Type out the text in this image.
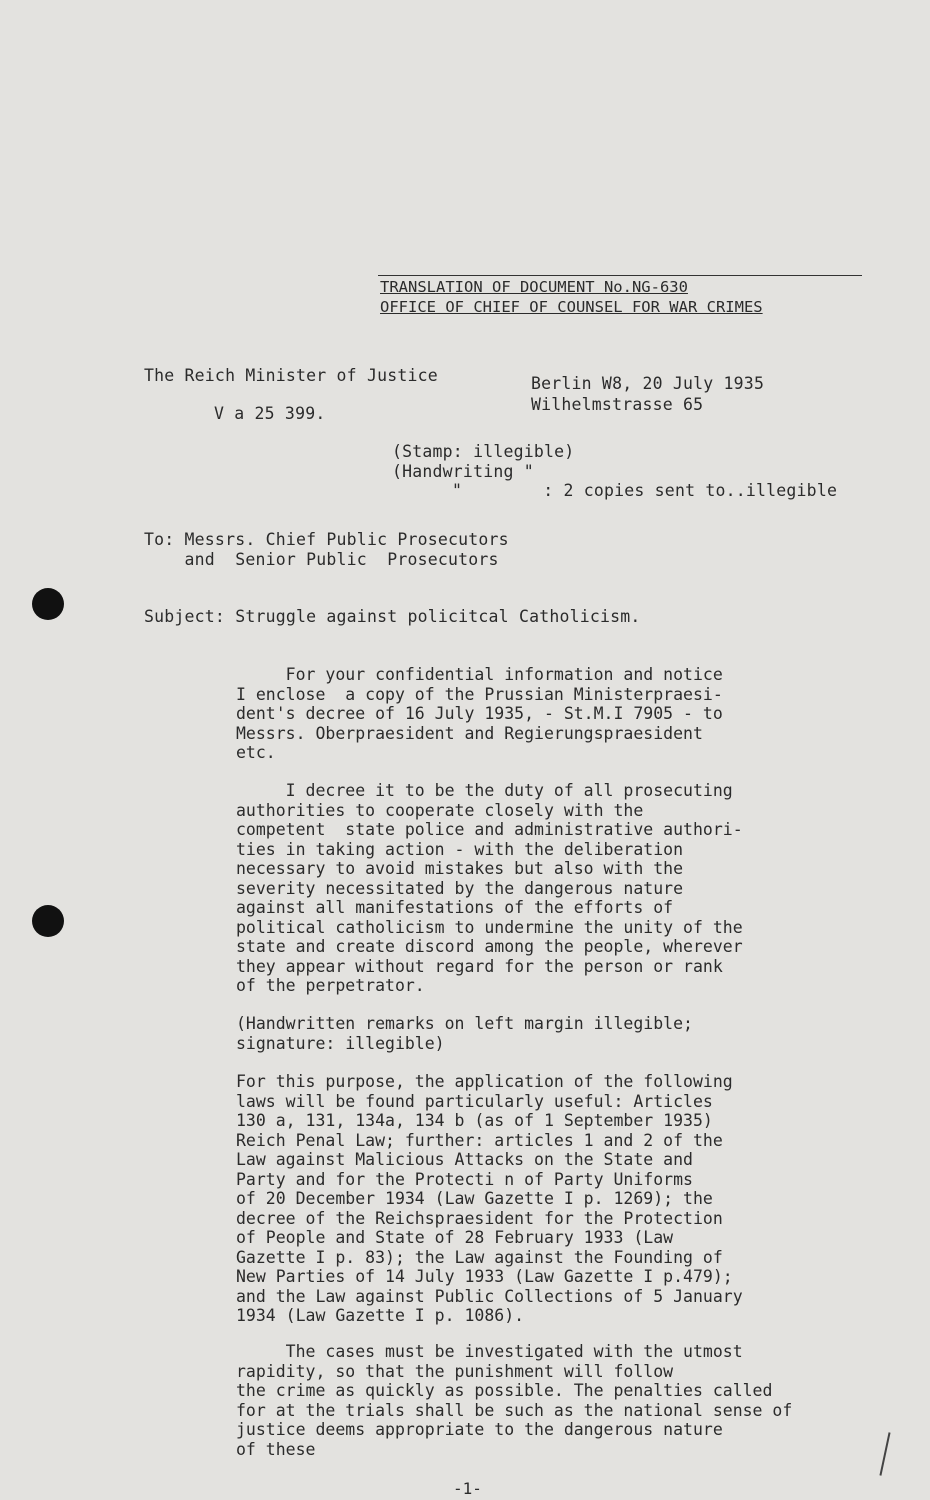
TRANSLATION OF DOCUMENT No.NG-630
OFFICE OF CHIEF OF COUNSEL FOR WAR CRIMES
The Reich Minister of Justice
V a 25 399.
Berlin W8, 20 July 1935
Wilhelmstrasse 65
(Stamp: illegible)
(Handwriting "
"        : 2 copies sent to..illegible
To: Messrs. Chief Public Prosecutors
and  Senior Public  Prosecutors
Subject: Struggle against policitcal Catholicism.
For your confidential information and notice
I enclose  a copy of the Prussian Ministerpraesi-
dent's decree of 16 July 1935, - St.M.I 7905 - to
Messrs. Oberpraesident and Regierungspraesident
etc.
I decree it to be the duty of all prosecuting
authorities to cooperate closely with the
competent  state police and administrative authori-
ties in taking action - with the deliberation
necessary to avoid mistakes but also with the
severity necessitated by the dangerous nature
against all manifestations of the efforts of
political catholicism to undermine the unity of the
state and create discord among the people, wherever
they appear without regard for the person or rank
of the perpetrator.
(Handwritten remarks on left margin illegible;
signature: illegible)
For this purpose, the application of the following
laws will be found particularly useful: Articles
130 a, 131, 134a, 134 b (as of 1 September 1935)
Reich Penal Law; further: articles 1 and 2 of the
Law against Malicious Attacks on the State and
Party and for the Protecti n of Party Uniforms
of 20 December 1934 (Law Gazette I p. 1269); the
decree of the Reichspraesident for the Protection
of People and State of 28 February 1933 (Law
Gazette I p. 83); the Law against the Founding of
New Parties of 14 July 1933 (Law Gazette I p.479);
and the Law against Public Collections of 5 January
1934 (Law Gazette I p. 1086).
The cases must be investigated with the utmost
rapidity, so that the punishment will follow
the crime as quickly as possible. The penalties called
for at the trials shall be such as the national sense of
justice deems appropriate to the dangerous nature
of these
-1-
